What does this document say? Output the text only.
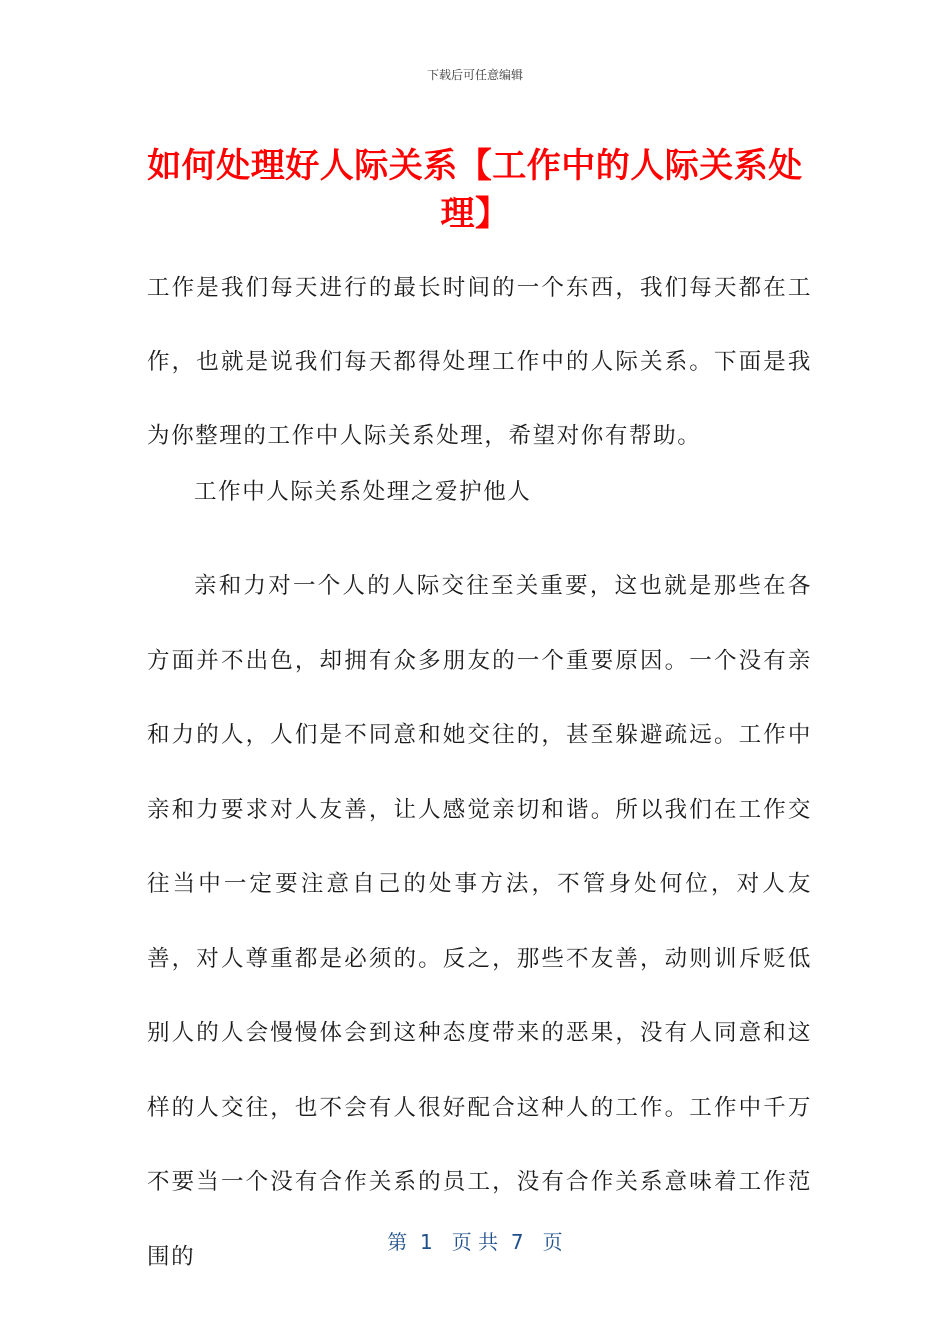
下载后可任意编辑
如何处理好人际关系【工作中的人际关系处理】
工作是我们每天进行的最长时间的一个东西，我们每天都在工作，也就是说我们每天都得处理工作中的人际关系。下面是我为你整理的工作中人际关系处理，希望对你有帮助。
工作中人际关系处理之爱护他人
亲和力对一个人的人际交往至关重要，这也就是那些在各方面并不出色，却拥有众多朋友的一个重要原因。一个没有亲和力的人，人们是不同意和她交往的，甚至躲避疏远。工作中亲和力要求对人友善，让人感觉亲切和谐。所以我们在工作交往当中一定要注意自己的处事方法，不管身处何位，对人友善，对人尊重都是必须的。反之，那些不友善，动则训斥贬低别人的人会慢慢体会到这种态度带来的恶果，没有人同意和这样的人交往，也不会有人很好配合这种人的工作。工作中千万不要当一个没有合作关系的员工，没有合作关系意味着工作范围的
第  1   页 共  7   页
